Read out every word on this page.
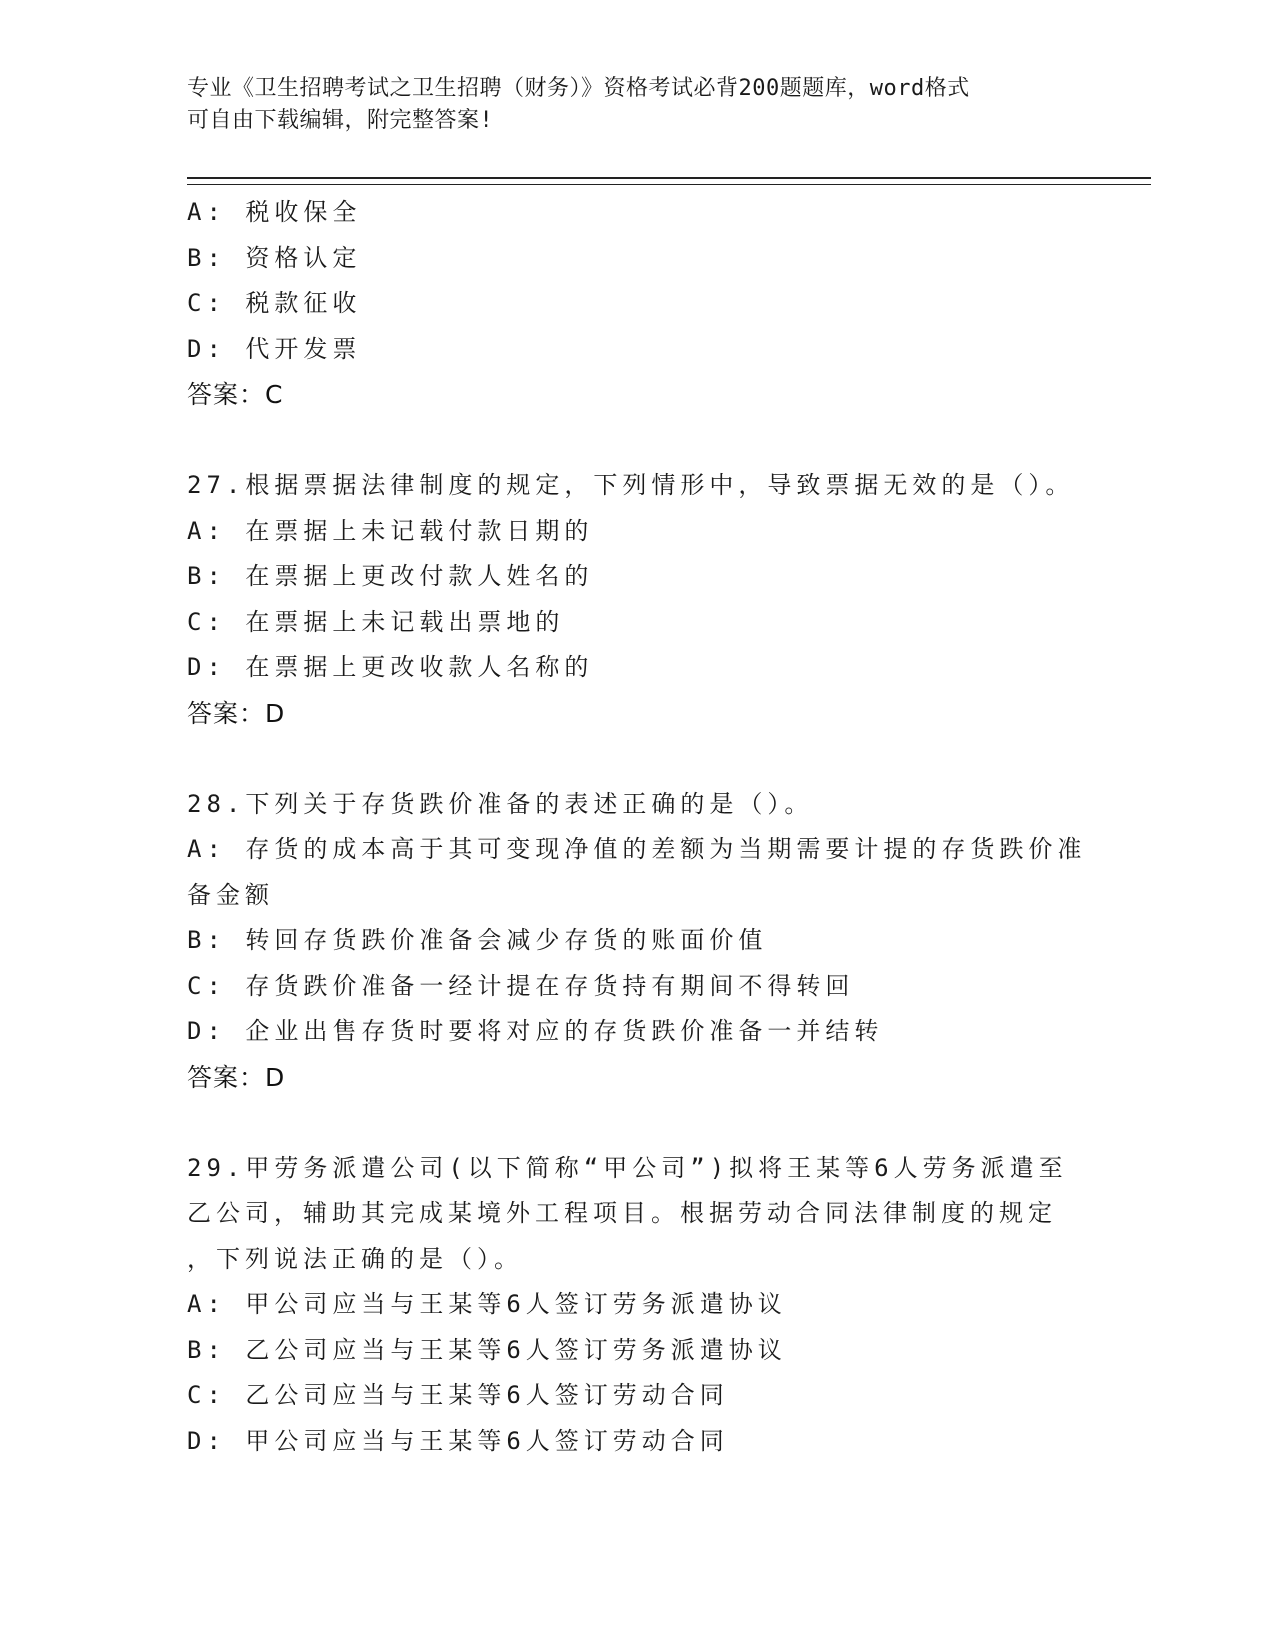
专业《卫生招聘考试之卫生招聘（财务）》资格考试必背200题题库，word格式
可自由下载编辑，附完整答案!
A: 税收保全
B: 资格认定
C: 税款征收
D: 代开发票
答案：C
27.根据票据法律制度的规定，下列情形中，导致票据无效的是（）。
A: 在票据上未记载付款日期的
B: 在票据上更改付款人姓名的
C: 在票据上未记载出票地的
D: 在票据上更改收款人名称的
答案：D
28.下列关于存货跌价准备的表述正确的是（）。
A: 存货的成本高于其可变现净值的差额为当期需要计提的存货跌价准
备金额
B: 转回存货跌价准备会减少存货的账面价值
C: 存货跌价准备一经计提在存货持有期间不得转回
D: 企业出售存货时要将对应的存货跌价准备一并结转
答案：D
29.甲劳务派遣公司(以下简称“甲公司”)拟将王某等6人劳务派遣至
乙公司，辅助其完成某境外工程项目。根据劳动合同法律制度的规定
，下列说法正确的是（）。
A: 甲公司应当与王某等6人签订劳务派遣协议
B: 乙公司应当与王某等6人签订劳务派遣协议
C: 乙公司应当与王某等6人签订劳动合同
D: 甲公司应当与王某等6人签订劳动合同
